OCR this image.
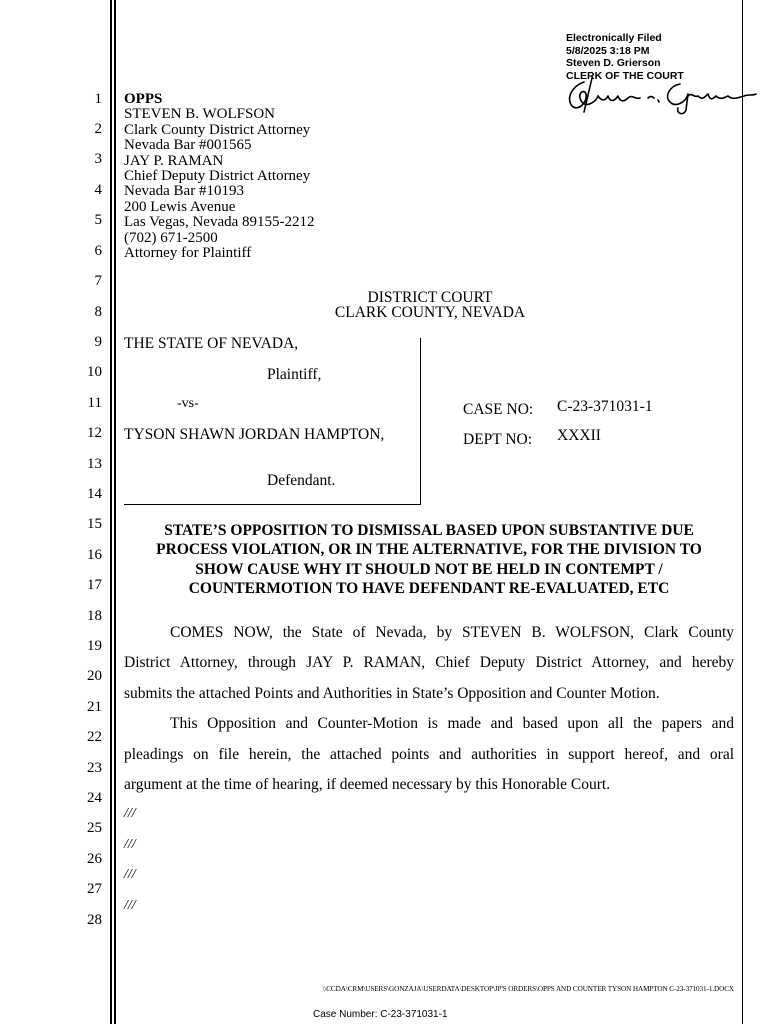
Electronically Filed
5/8/2025 3:18 PM
Steven D. Grierson
CLERK OF THE COURT
1
2
3
4
5
6
7
8
9
10
11
12
13
14
15
16
17
18
19
20
21
22
23
24
25
26
27
28
OPPS
STEVEN B. WOLFSON
Clark County District Attorney
Nevada Bar #001565
JAY P. RAMAN
Chief Deputy District Attorney
Nevada Bar #10193
200 Lewis Avenue
Las Vegas, Nevada 89155-2212
(702) 671-2500
Attorney for Plaintiff
DISTRICT COURT
CLARK COUNTY, NEVADA
THE STATE OF NEVADA,
Plaintiff,
-vs-
TYSON SHAWN JORDAN HAMPTON,
Defendant.
CASE NO: C-23-371031-1
DEPT NO: XXXII
STATE’S OPPOSITION TO DISMISSAL BASED UPON SUBSTANTIVE DUE
PROCESS VIOLATION, OR IN THE ALTERNATIVE, FOR THE DIVISION TO
SHOW CAUSE WHY IT SHOULD NOT BE HELD IN CONTEMPT /
COUNTERMOTION TO HAVE DEFENDANT RE-EVALUATED, ETC
COMES NOW, the State of Nevada, by STEVEN B. WOLFSON, Clark County
District Attorney, through JAY P. RAMAN, Chief Deputy District Attorney, and hereby
submits the attached Points and Authorities in State’s Opposition and Counter Motion.
This Opposition and Counter-Motion is made and based upon all the papers and
pleadings on file herein, the attached points and authorities in support hereof, and oral
argument at the time of hearing, if deemed necessary by this Honorable Court.
///
///
///
///
\\CCDA\CRM\USERS\GONZAJA\USERDATA\DESKTOP\JP'S ORDERS\OPPS AND COUNTER TYSON HAMPTON C-23-371031-1.DOCX
Case Number: C-23-371031-1
